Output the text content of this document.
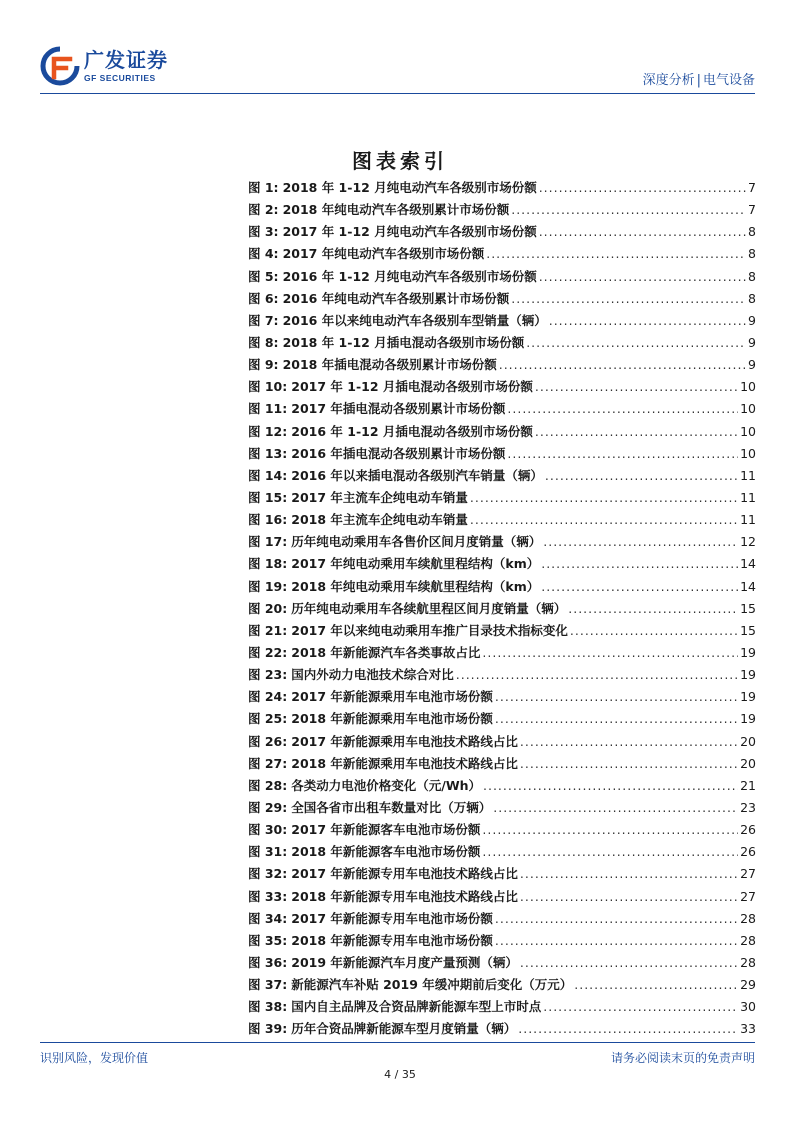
广发证券
GF SECURITIES	深度分析 | 电气设备
图表索引
图 1: 2018 年 1-12 月纯电动汽车各级别市场份额 .....	7
图 2: 2018 年纯电动汽车各级别累计市场份额 .....	7
图 3: 2017 年 1-12 月纯电动汽车各级别市场份额 .....	8
图 4: 2017 年纯电动汽车各级别市场份额 .....	8
图 5: 2016 年 1-12 月纯电动汽车各级别市场份额 .....	8
图 6: 2016 年纯电动汽车各级别累计市场份额 .....	8
图 7: 2016 年以来纯电动汽车各级别车型销量（辆） .....	9
图 8: 2018 年 1-12 月插电混动各级别市场份额 .....	9
图 9: 2018 年插电混动各级别累计市场份额 .....	9
图 10: 2017 年 1-12 月插电混动各级别市场份额 .....	10
图 11: 2017 年插电混动各级别累计市场份额 .....	10
图 12: 2016 年 1-12 月插电混动各级别市场份额 .....	10
图 13: 2016 年插电混动各级别累计市场份额 .....	10
图 14: 2016 年以来插电混动各级别汽车销量（辆） .....	11
图 15: 2017 年主流车企纯电动车销量 .....	11
图 16: 2018 年主流车企纯电动车销量 .....	11
图 17: 历年纯电动乘用车各售价区间月度销量（辆） .....	12
图 18: 2017 年纯电动乘用车续航里程结构（km） .....	14
图 19: 2018 年纯电动乘用车续航里程结构（km） .....	14
图 20: 历年纯电动乘用车各续航里程区间月度销量（辆） .....	15
图 21: 2017 年以来纯电动乘用车推广目录技术指标变化 .....	15
图 22: 2018 年新能源汽车各类事故占比 .....	19
图 23: 国内外动力电池技术综合对比 .....	19
图 24: 2017 年新能源乘用车电池市场份额 .....	19
图 25: 2018 年新能源乘用车电池市场份额 .....	19
图 26: 2017 年新能源乘用车电池技术路线占比 .....	20
图 27: 2018 年新能源乘用车电池技术路线占比 .....	20
图 28: 各类动力电池价格变化（元/Wh） .....	21
图 29: 全国各省市出租车数量对比（万辆） .....	23
图 30: 2017 年新能源客车电池市场份额 .....	26
图 31: 2018 年新能源客车电池市场份额 .....	26
图 32: 2017 年新能源专用车电池技术路线占比 .....	27
图 33: 2018 年新能源专用车电池技术路线占比 .....	27
图 34: 2017 年新能源专用车电池市场份额 .....	28
图 35: 2018 年新能源专用车电池市场份额 .....	28
图 36: 2019 年新能源汽车月度产量预测（辆） .....	28
图 37: 新能源汽车补贴 2019 年缓冲期前后变化（万元） .....	29
图 38: 国内自主品牌及合资品牌新能源车型上市时点 .....	30
图 39: 历年合资品牌新能源车型月度销量（辆） .....	33
识别风险，发现价值	请务必阅读末页的免责声明
4 / 35
